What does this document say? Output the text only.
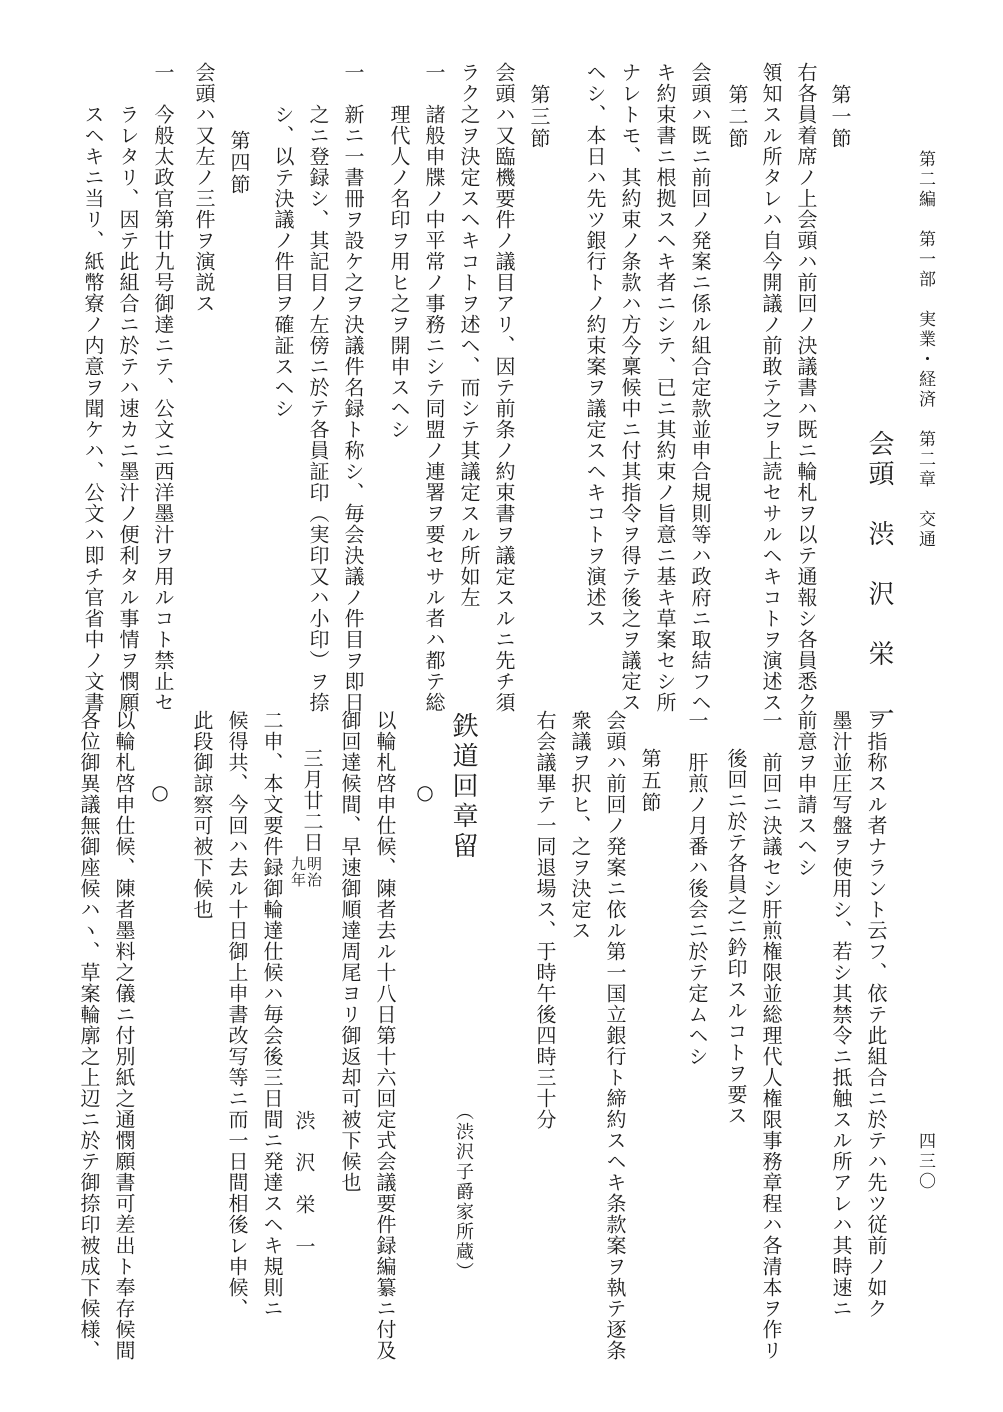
第二編　第一部　実業・経済　第二章　交通
四三〇
会頭　渋　沢　栄　一
第一節
右各員着席ノ上会頭ハ前回ノ決議書ハ既ニ輪札ヲ以テ通報シ各員悉ク
領知スル所タレハ自今開議ノ前敢テ之ヲ上読セサルヘキコトヲ演述ス
第二節
会頭ハ既ニ前回ノ発案ニ係ル組合定款並申合規則等ハ政府ニ取結フヘ
キ約束書ニ根拠スヘキ者ニシテ、已ニ其約束ノ旨意ニ基キ草案セシ所
ナレトモ、其約束ノ条款ハ方今稟候中ニ付其指令ヲ得テ後之ヲ議定ス
ヘシ、本日ハ先ツ銀行トノ約束案ヲ議定スヘキコトヲ演述ス
第三節
会頭ハ又臨機要件ノ議目アリ、因テ前条ノ約束書ヲ議定スルニ先チ須
ラク之ヲ決定スヘキコトヲ述ヘ、而シテ其議定スル所如左
一　諸般申牒ノ中平常ノ事務ニシテ同盟ノ連署ヲ要セサル者ハ都テ総
理代人ノ名印ヲ用ヒ之ヲ開申スヘシ
一　新ニ一書冊ヲ設ケ之ヲ決議件名録ト称シ、毎会決議ノ件目ヲ即日
之ニ登録シ、其記目ノ左傍ニ於テ各員証印（実印又ハ小印）ヲ捺
シ、以テ決議ノ件目ヲ確証スヘシ
第四節
会頭ハ又左ノ三件ヲ演説ス
一　今般太政官第廿九号御達ニテ、公文ニ西洋墨汁ヲ用ルコト禁止セ
ラレタリ、因テ此組合ニ於テハ速カニ墨汁ノ便利タル事情ヲ憫願
スヘキニ当リ、紙幣寮ノ内意ヲ聞ケハ、公文ハ即チ官省中ノ文書
ヲ指称スル者ナラント云フ、依テ此組合ニ於テハ先ツ従前ノ如ク
墨汁並圧写盤ヲ使用シ、若シ其禁令ニ抵触スル所アレハ其時速ニ
前意ヲ申請スヘシ
一　前回ニ決議セシ肝煎権限並総理代人権限事務章程ハ各清本ヲ作リ
後回ニ於テ各員之ニ鈐印スルコトヲ要ス
一　肝煎ノ月番ハ後会ニ於テ定ムヘシ
第五節
会頭ハ前回ノ発案ニ依ル第一国立銀行ト締約スヘキ条款案ヲ執テ逐条
衆議ヲ択ヒ、之ヲ決定ス
右会議畢テ一同退場ス、于時午後四時三十分
（渋沢子爵家所蔵）
鉄道回章留
○
以輪札啓申仕候、陳者去ル十八日第十六回定式会議要件録編纂ニ付及
御回達候間、早速御順達周尾ヨリ御返却可被下候也
三月廿二日
明治
九年
渋　沢　栄　一
二申、本文要件録御輪達仕候ハ毎会後三日間ニ発達スヘキ規則ニ
候得共、今回ハ去ル十日御上申書改写等ニ而一日間相後レ申候、
此段御諒察可被下候也
○
以輪札啓申仕候、陳者墨料之儀ニ付別紙之通憫願書可差出ト奉存候間
各位御異議無御座候ハヽ、草案輪廓之上辺ニ於テ御捺印被成下候様、
